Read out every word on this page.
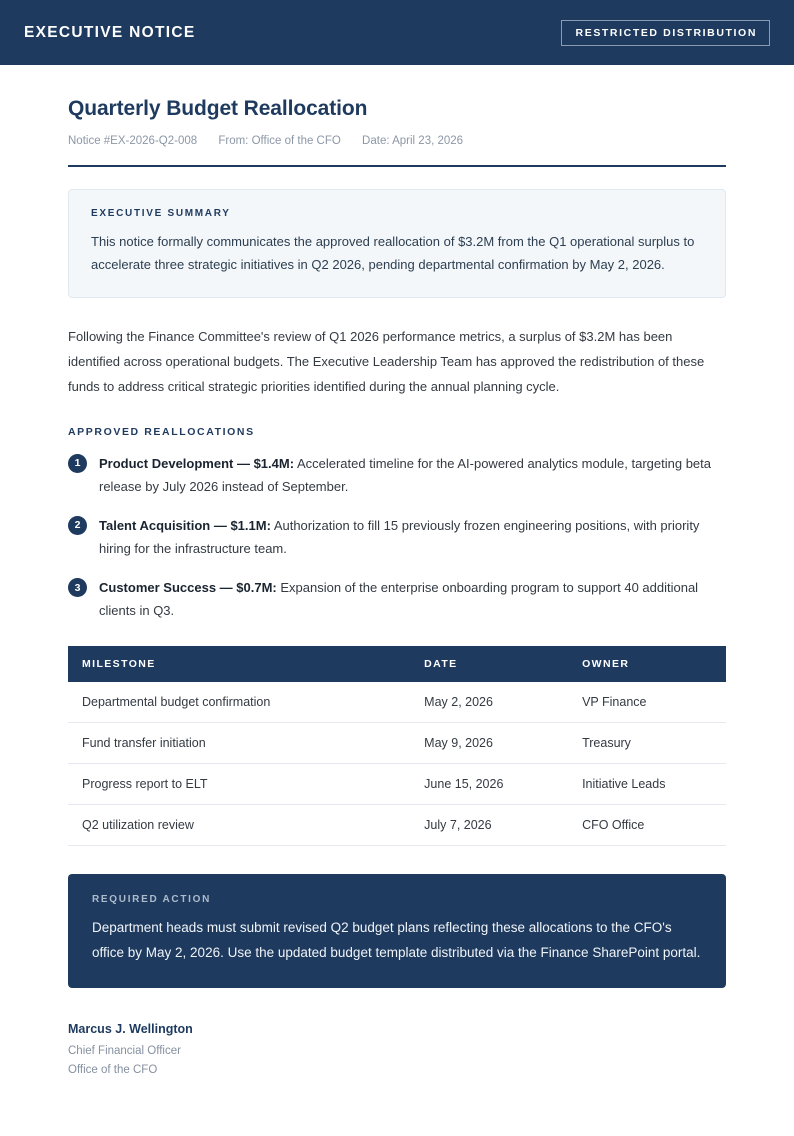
EXECUTIVE NOTICE	RESTRICTED DISTRIBUTION
Quarterly Budget Reallocation
Notice #EX-2026-Q2-008 From: Office of the CFO Date: April 23, 2026
EXECUTIVE SUMMARY
This notice formally communicates the approved reallocation of $3.2M from the Q1 operational surplus to accelerate three strategic initiatives in Q2 2026, pending departmental confirmation by May 2, 2026.

Following the Finance Committee's review of Q1 2026 performance metrics, a surplus of $3.2M has been identified across operational budgets. The Executive Leadership Team has approved the redistribution of these funds to address critical strategic priorities identified during the annual planning cycle.

APPROVED REALLOCATIONS
1	Product Development — $1.4M: Accelerated timeline for the AI-powered analytics module, targeting beta release by July 2026 instead of September.
2	Talent Acquisition — $1.1M: Authorization to fill 15 previously frozen engineering positions, with priority hiring for the infrastructure team.
3	Customer Success — $0.7M: Expansion of the enterprise onboarding program to support 40 additional clients in Q3.
MILESTONE	DATE	OWNER
Departmental budget confirmation	May 2, 2026	VP Finance
Fund transfer initiation	May 9, 2026	Treasury
Progress report to ELT	June 15, 2026	Initiative Leads
Q2 utilization review	July 7, 2026	CFO Office
REQUIRED ACTION
Department heads must submit revised Q2 budget plans reflecting these allocations to the CFO's office by May 2, 2026. Use the updated budget template distributed via the Finance SharePoint portal.
Marcus J. Wellington
Chief Financial Officer
Office of the CFO
